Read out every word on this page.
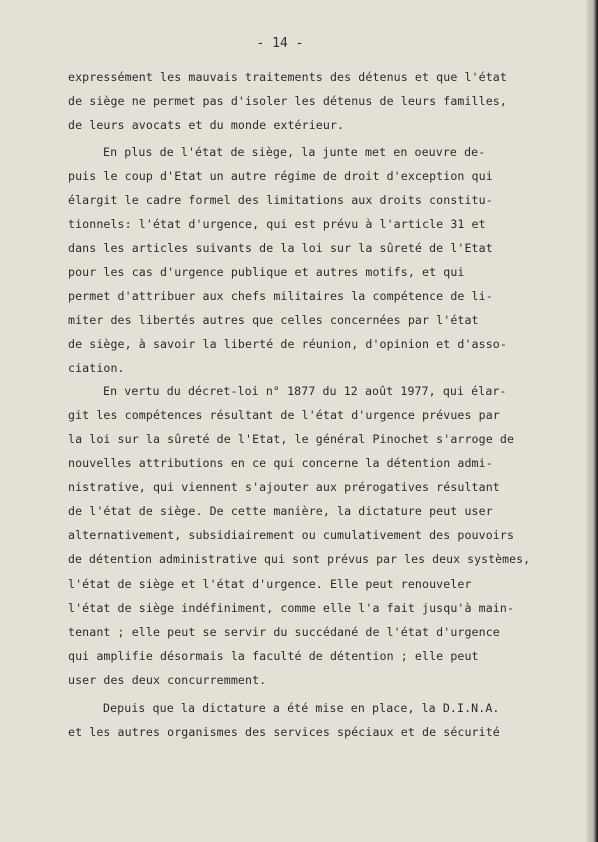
- 14 -
expressément les mauvais traitements des détenus et que l'état
de siège ne permet pas d'isoler les détenus de leurs familles,
de leurs avocats et du monde extérieur.
En plus de l'état de siège, la junte met en oeuvre de-
puis le coup d'Etat un autre régime de droit d'exception qui
élargit le cadre formel des limitations aux droits constitu-
tionnels: l'état d'urgence, qui est prévu à l'article 31 et
dans les articles suivants de la loi sur la sûreté de l'Etat
pour les cas d'urgence publique et autres motifs, et qui
permet d'attribuer aux chefs militaires la compétence de li-
miter des libertés autres que celles concernées par l'état
de siège, à savoir la liberté de réunion, d'opinion et d'asso-
ciation.
En vertu du décret-loi n° 1877 du 12 août 1977, qui élar-
git les compétences résultant de l'état d'urgence prévues par
la loi sur la sûreté de l'Etat, le général Pinochet s'arroge de
nouvelles attributions en ce qui concerne la détention admi-
nistrative, qui viennent s'ajouter aux prérogatives résultant
de l'état de siège. De cette manière, la dictature peut user
alternativement, subsidiairement ou cumulativement des pouvoirs
de détention administrative qui sont prévus par les deux systèmes,
l'état de siège et l'état d'urgence. Elle peut renouveler
l'état de siège indéfiniment, comme elle l'a fait jusqu'à main-
tenant ; elle peut se servir du succédané de l'état d'urgence
qui amplifie désormais la faculté de détention ; elle peut
user des deux concurremment.
Depuis que la dictature a été mise en place, la D.I.N.A.
et les autres organismes des services spéciaux et de sécurité
